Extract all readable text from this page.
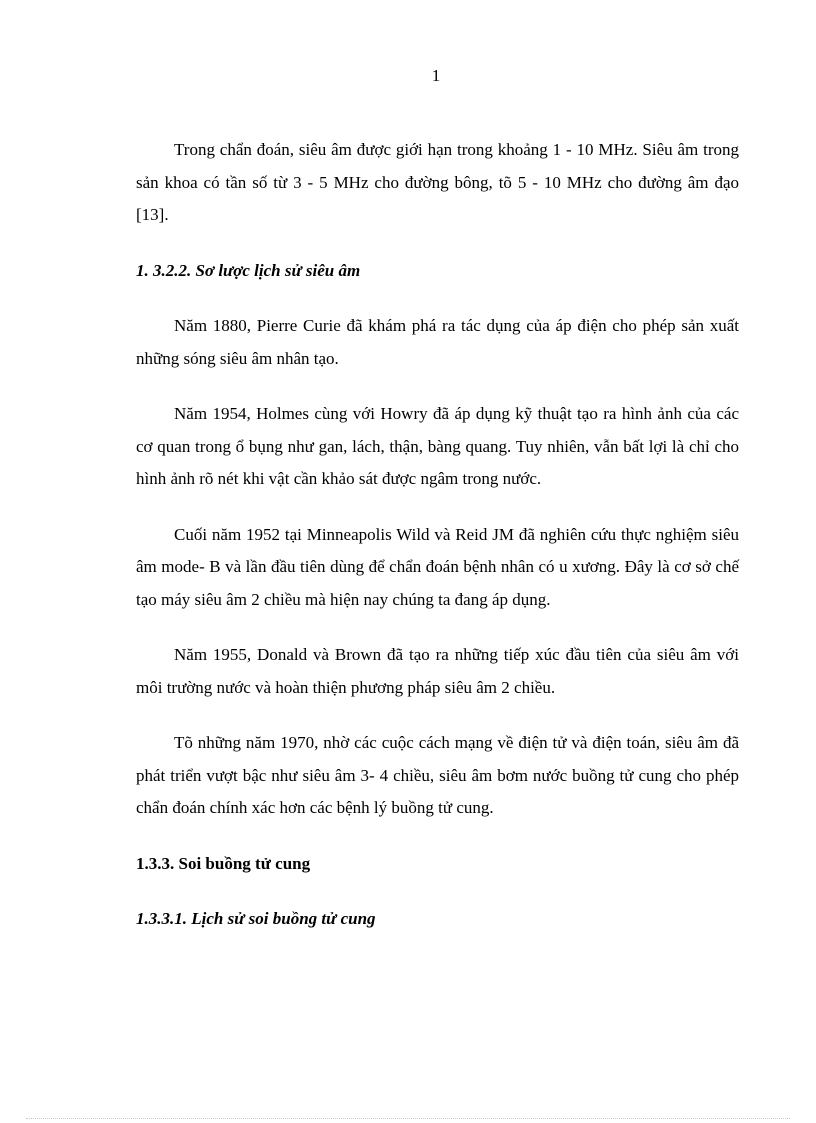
1

Trong chẩn đoán, siêu âm được giới hạn trong khoảng 1 - 10 MHz. Siêu âm trong sản khoa có tần số từ 3 - 5 MHz cho đường bông, tõ 5 - 10 MHz cho đường âm đạo [13].

1. 3.2.2. Sơ lược lịch sử siêu âm

Năm 1880, Pierre Curie đã khám phá ra tác dụng của áp điện cho phép sản xuất những sóng siêu âm nhân tạo.

Năm 1954, Holmes cùng với Howry đã áp dụng kỹ thuật tạo ra hình ảnh của các cơ quan trong ổ bụng như gan, lách, thận, bàng quang. Tuy nhiên, vẫn bất lợi là chỉ cho hình ảnh rõ nét khi vật cần khảo sát được ngâm trong nước.

Cuối năm 1952 tại Minneapolis Wild và Reid JM đã nghiên cứu thực nghiệm siêu âm mode- B và lần đầu tiên dùng để chẩn đoán bệnh nhân có u xương. Đây là cơ sở chế tạo máy siêu âm 2 chiều mà hiện nay chúng ta đang áp dụng.

Năm 1955, Donald và Brown đã tạo ra những tiếp xúc đầu tiên của siêu âm với môi trường nước và hoàn thiện phương pháp siêu âm 2 chiều.

Tõ những năm 1970, nhờ các cuộc cách mạng về điện tử và điện toán, siêu âm đã phát triển vượt bậc như siêu âm 3- 4 chiều, siêu âm bơm nước buồng tử cung cho phép chẩn đoán chính xác hơn các bệnh lý buồng tử cung.

1.3.3. Soi buồng tử cung

1.3.3.1. Lịch sử soi buồng tử cung
